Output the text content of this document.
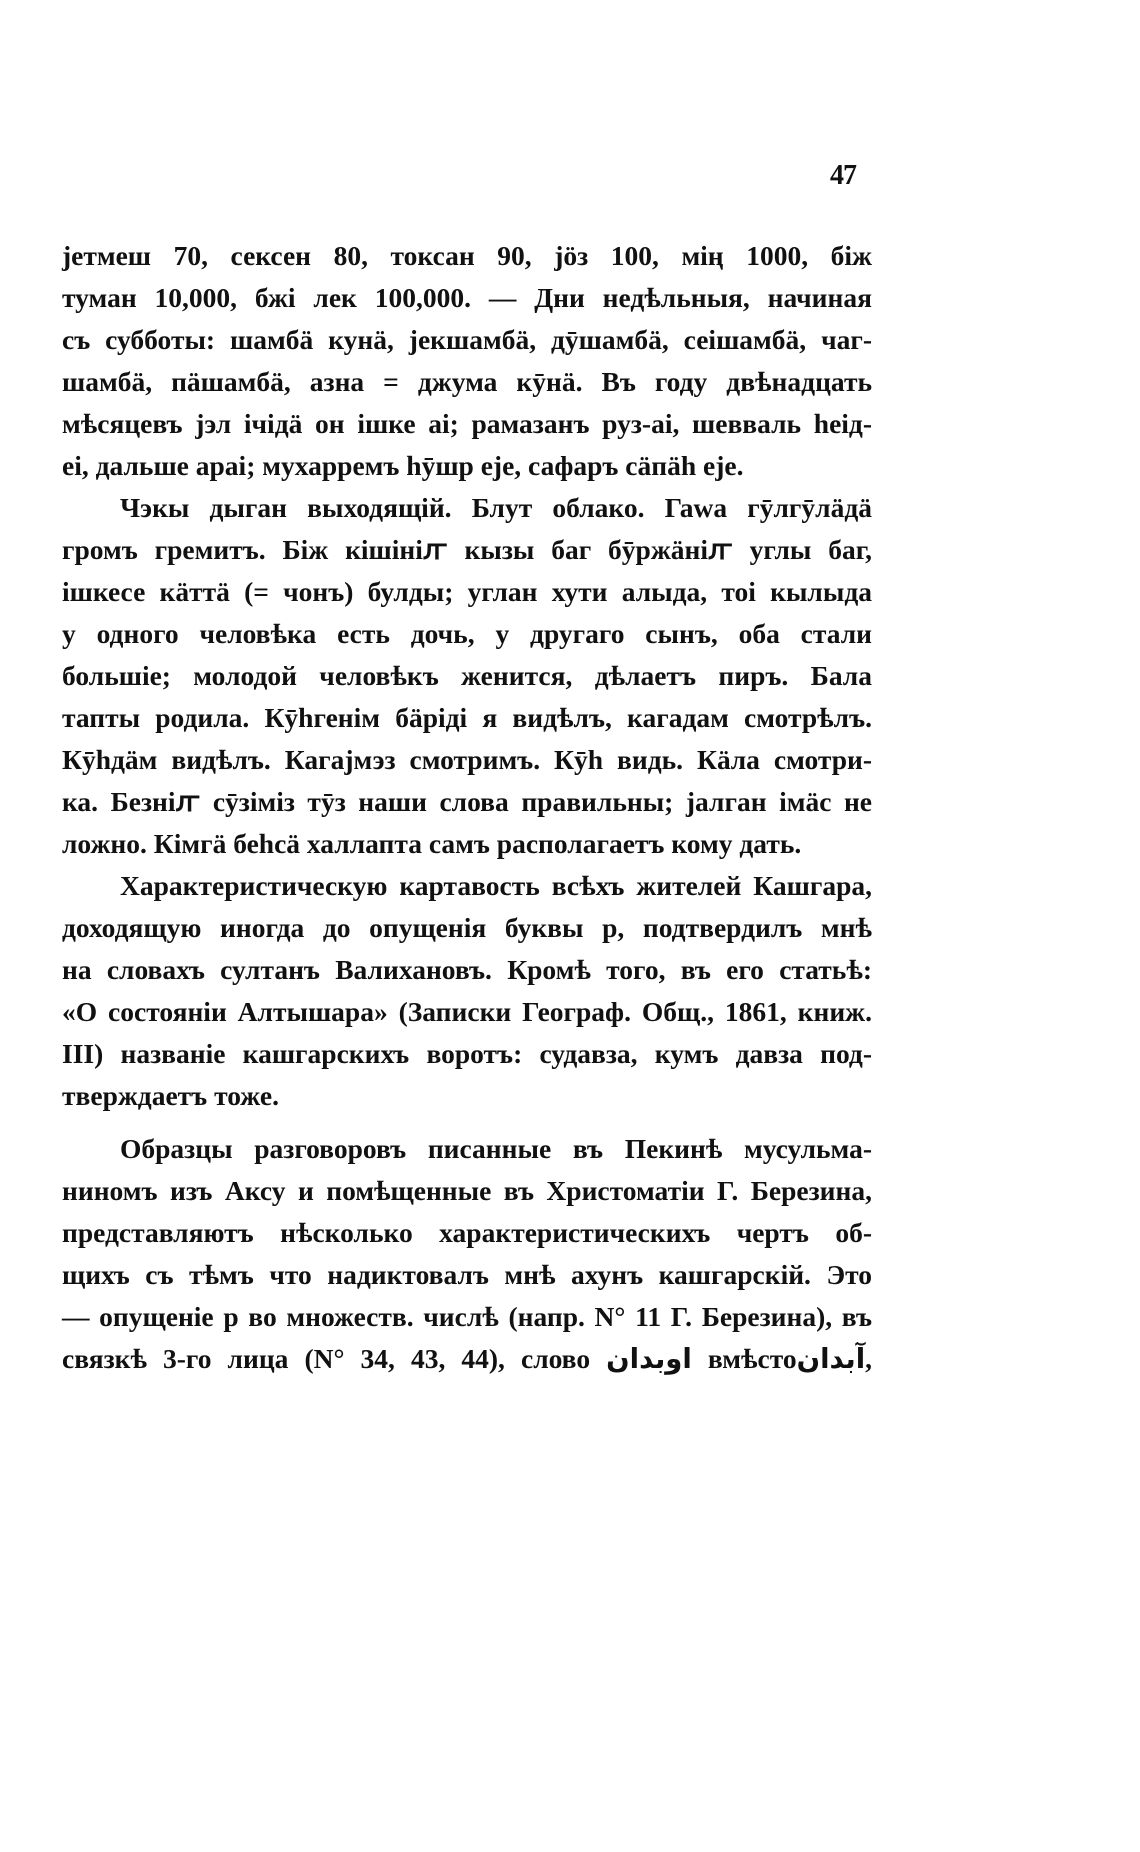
47
јетмеш 70, сексен 80, токсан 90, јӧз 100, мің 1000, біж
туман 10,000, бжі лек 100,000. — Дни недѣльныя, начиная
съ субботы: шамбä кунä, јекшамбä, дӯшамбä, сеішамбä, чаг-
шамбä, пäшамбä, азна = джума кӯнä. Въ году двѣнадцать
мѣсяцевъ јэл ічідä он ішке аі; рамазанъ руз-аі, шевваль һеід-
еі, дальше араі; мухарремъ һӯшр еје, сафаръ сäпäh еје.
Чэкы дыган выходящій. Блут облако. Гаwа гӯлгӯлäдä
громъ гремитъ. Біж кішініꙥ кызы баг бӯржäніꙥ углы баг,
ішкесе кäттä (= чонъ) булды; углан хути алыда, тоі кылыда
у одного человѣка есть дочь, у другаго сынъ, оба стали
большіе; молодой человѣкъ женится, дѣлаетъ пиръ. Бала
тапты родила. Кӯһгенім бäріді я видѣлъ, кагадам смотрѣлъ.
Кӯһдäм видѣлъ. Кагајмэз смотримъ. Кӯh видь. Кäла смотри-
ка. Безніꙥ сӯзіміз тӯз наши слова правильны; јалган імäс не
ложно. Кімгä беһсä халлапта самъ располагаетъ кому дать.
Характеристическую картавость всѣхъ жителей Кашгара,
доходящую иногда до опущенія буквы р, подтвердилъ мнѣ
на словахъ султанъ Валихановъ. Кромѣ того, въ его статьѣ:
«О состояніи Алтышара» (Записки Географ. Общ., 1861, книж.
III) названіе кашгарскихъ воротъ: судавза, кумъ давза под-
тверждаетъ тоже.
Образцы разговоровъ писанные въ Пекинѣ мусульма-
ниномъ изъ Аксу и помѣщенные въ Христоматіи Г. Березина,
представляютъ нѣсколько характеристическихъ чертъ об-
щихъ съ тѣмъ что надиктовалъ мнѣ ахунъ кашгарскій. Это
— опущеніе р во множеств. числѣ (напр. N° 11 Г. Березина), въ
связкѣ 3-го лица (N° 34, 43, 44), слово اوبدان вмѣстоآبدان,
